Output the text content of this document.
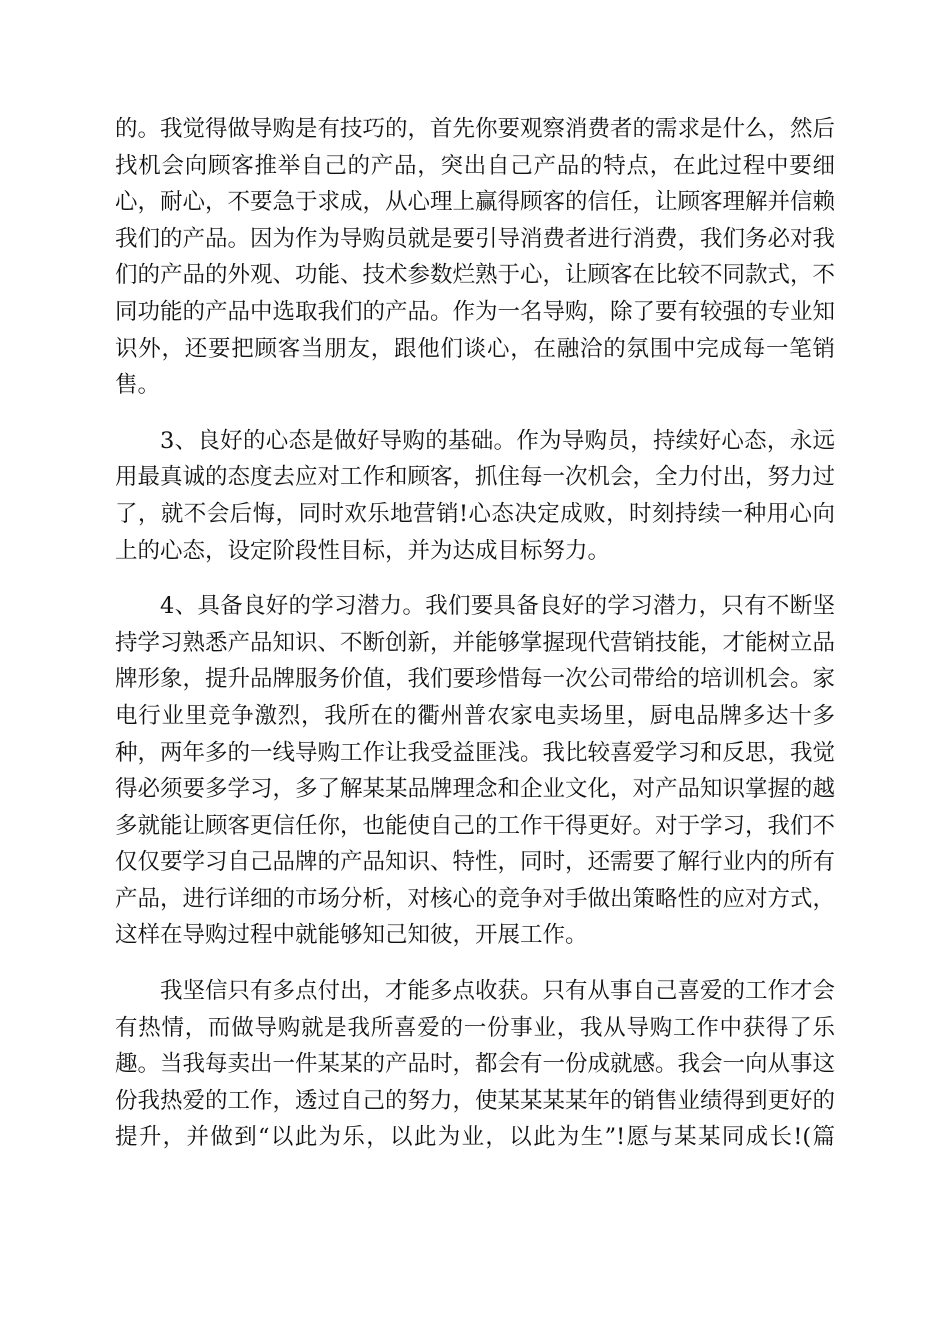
的。我觉得做导购是有技巧的，首先你要观察消费者的需求是什么，然后
找机会向顾客推举自己的产品，突出自己产品的特点，在此过程中要细
心，耐心，不要急于求成，从心理上赢得顾客的信任，让顾客理解并信赖
我们的产品。因为作为导购员就是要引导消费者进行消费，我们务必对我
们的产品的外观、功能、技术参数烂熟于心，让顾客在比较不同款式，不
同功能的产品中选取我们的产品。作为一名导购，除了要有较强的专业知
识外，还要把顾客当朋友，跟他们谈心，在融洽的氛围中完成每一笔销
售。

3、良好的心态是做好导购的基础。作为导购员，持续好心态，永远
用最真诚的态度去应对工作和顾客，抓住每一次机会，全力付出，努力过
了，就不会后悔，同时欢乐地营销!心态决定成败，时刻持续一种用心向
上的心态，设定阶段性目标，并为达成目标努力。

4、具备良好的学习潜力。我们要具备良好的学习潜力，只有不断坚
持学习熟悉产品知识、不断创新，并能够掌握现代营销技能，才能树立品
牌形象，提升品牌服务价值，我们要珍惜每一次公司带给的培训机会。家
电行业里竞争激烈，我所在的衢州普农家电卖场里，厨电品牌多达十多
种，两年多的一线导购工作让我受益匪浅。我比较喜爱学习和反思，我觉
得必须要多学习，多了解某某品牌理念和企业文化，对产品知识掌握的越
多就能让顾客更信任你，也能使自己的工作干得更好。对于学习，我们不
仅仅要学习自己品牌的产品知识、特性，同时，还需要了解行业内的所有
产品，进行详细的市场分析，对核心的竞争对手做出策略性的应对方式，
这样在导购过程中就能够知己知彼，开展工作。

我坚信只有多点付出，才能多点收获。只有从事自己喜爱的工作才会
有热情，而做导购就是我所喜爱的一份事业，我从导购工作中获得了乐
趣。当我每卖出一件某某的产品时，都会有一份成就感。我会一向从事这
份我热爱的工作，透过自己的努力，使某某某某年的销售业绩得到更好的
提升，并做到“以此为乐，以此为业，以此为生”!愿与某某同成长!(篇
